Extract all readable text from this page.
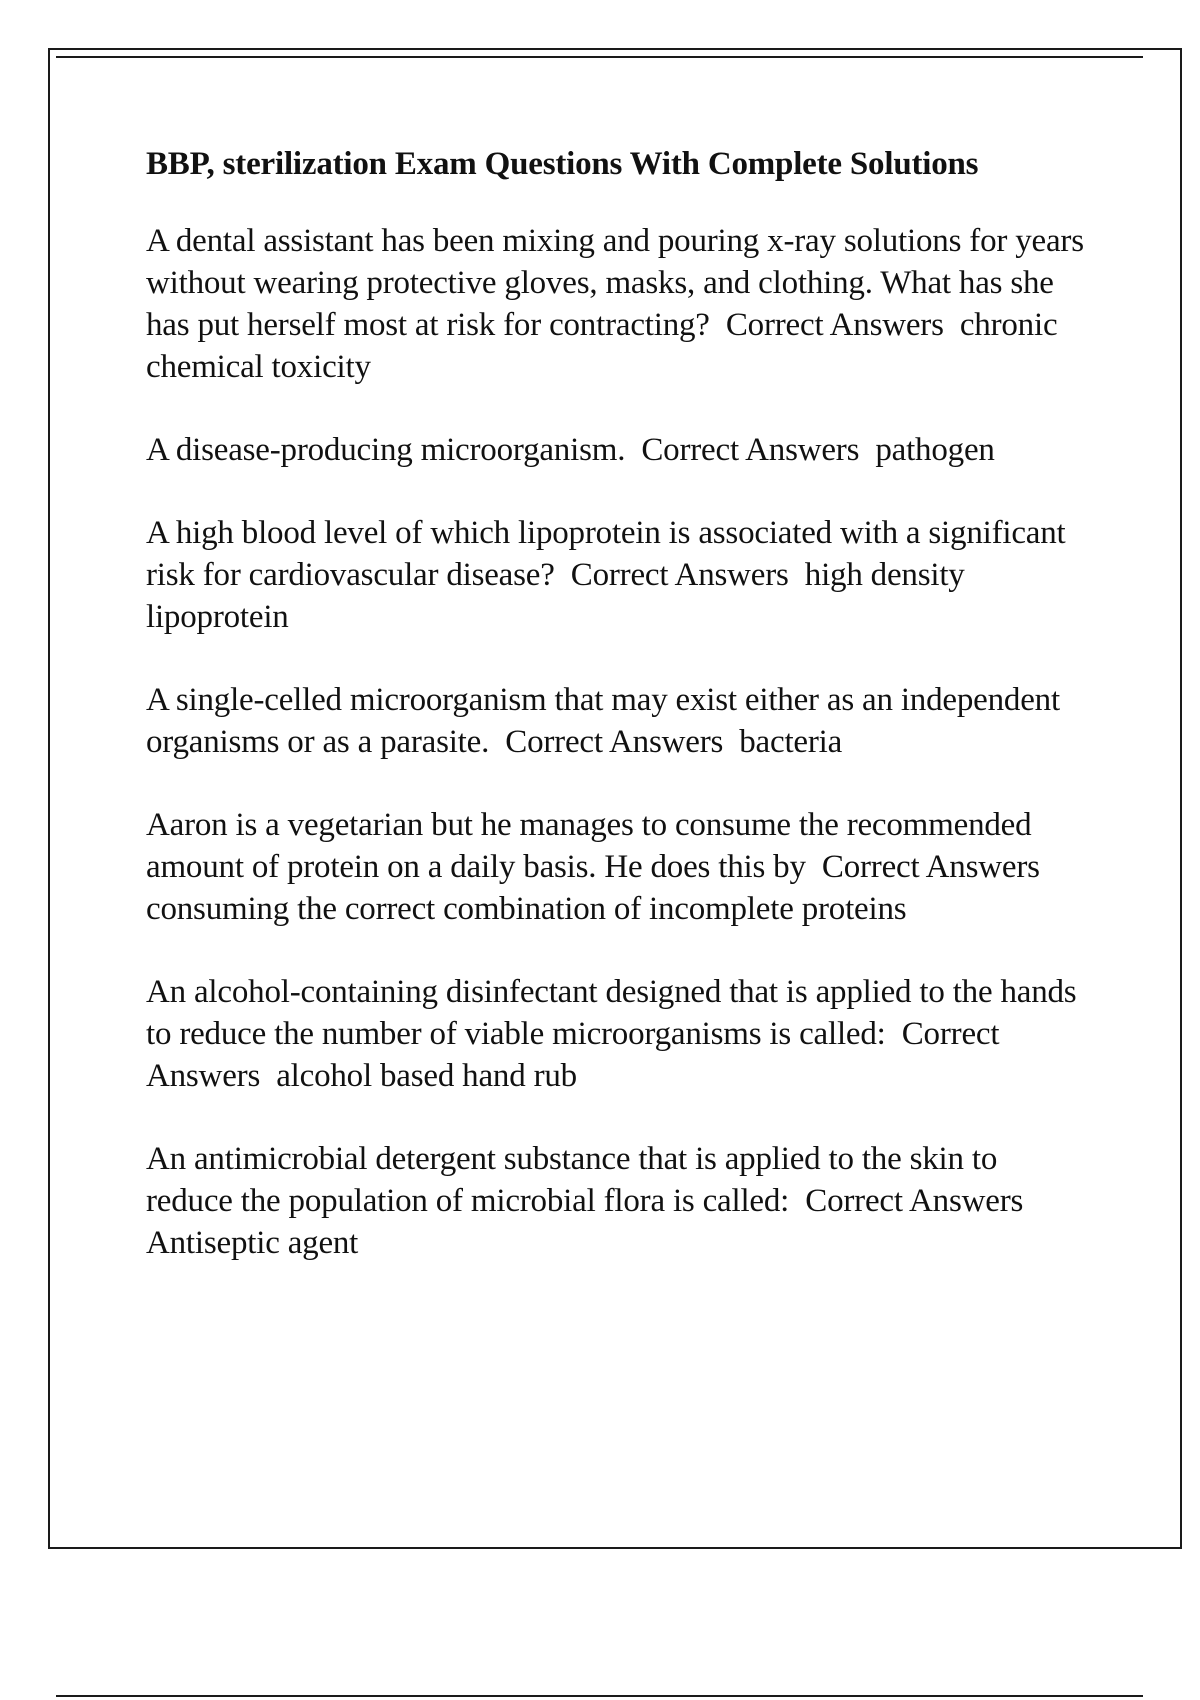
BBP, sterilization Exam Questions With Complete Solutions
A dental assistant has been mixing and pouring x-ray solutions for years without wearing protective gloves, masks, and clothing. What has she has put herself most at risk for contracting? Correct Answers chronic chemical toxicity
A disease-producing microorganism. Correct Answers pathogen
A high blood level of which lipoprotein is associated with a significant risk for cardiovascular disease? Correct Answers high density lipoprotein
A single-celled microorganism that may exist either as an independent organisms or as a parasite. Correct Answers bacteria
Aaron is a vegetarian but he manages to consume the recommended amount of protein on a daily basis. He does this by Correct Answers  consuming the correct combination of incomplete proteins
An alcohol-containing disinfectant designed that is applied to the hands to reduce the number of viable microorganisms is called: Correct Answers alcohol based hand rub
An antimicrobial detergent substance that is applied to the skin to reduce the population of microbial flora is called: Correct Answers  Antiseptic agent
